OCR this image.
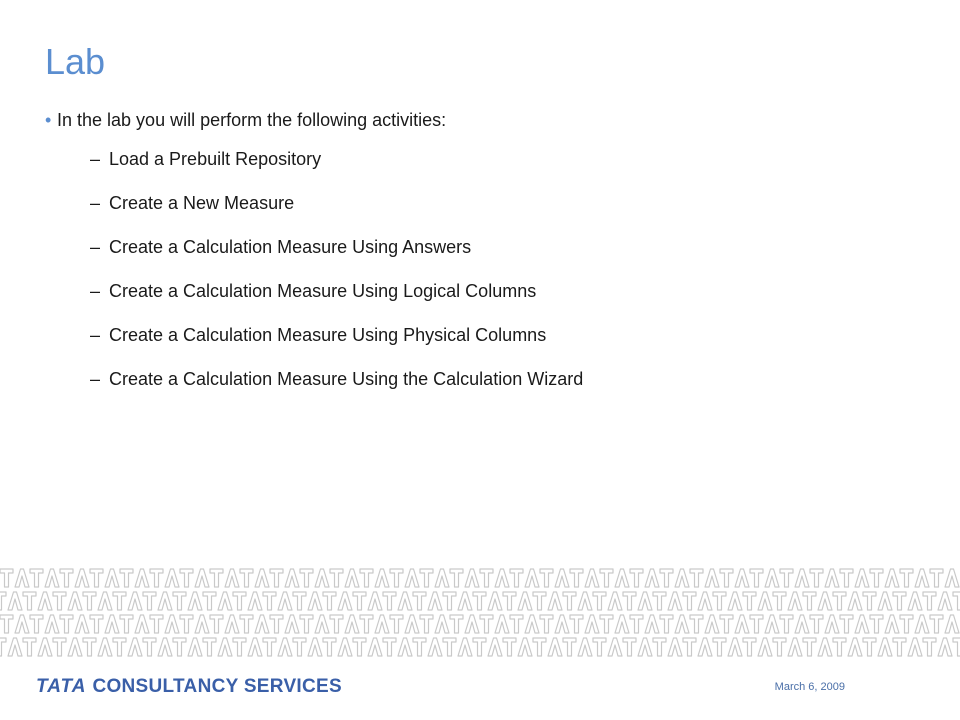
Lab
• In the lab you will perform the following activities:
– Load a Prebuilt Repository
– Create a New Measure
– Create a Calculation Measure Using Answers
– Create a Calculation Measure Using Logical Columns
– Create a Calculation Measure Using Physical Columns
– Create a Calculation Measure Using the Calculation Wizard
TATA CONSULTANCY SERVICES	March 6, 2009
